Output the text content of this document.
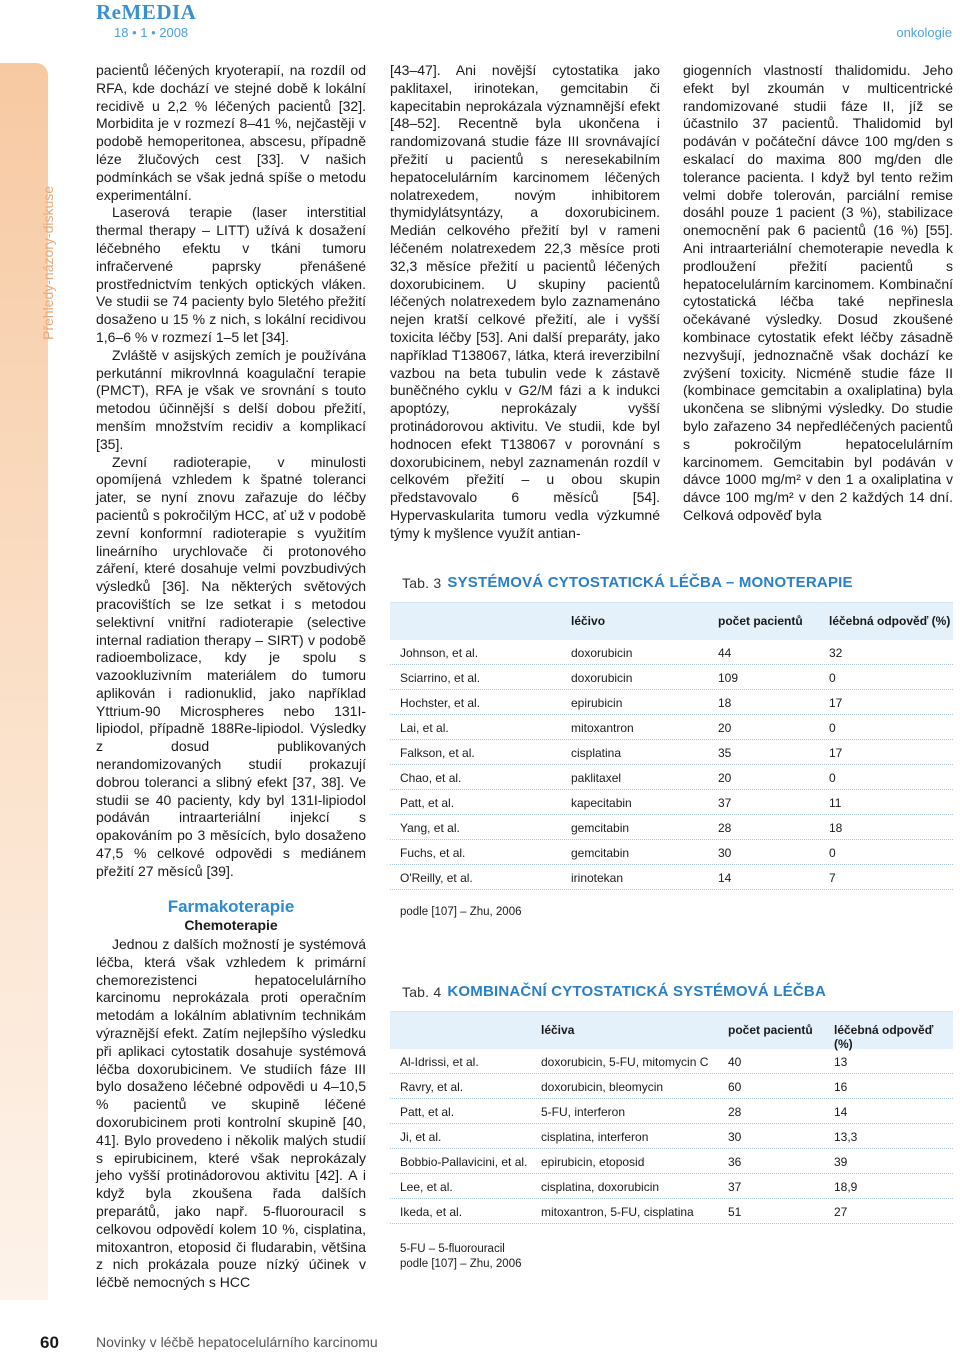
ReMEDIA
18 • 1 • 2008	onkologie
Přehledy-názory-diskuse

pacientů léčených kryoterapií, na rozdíl od RFA, kde dochází ve stejné době k lokální recidivě u 2,2 % léčených pacientů [32]. Morbidita je v rozmezí 8–41 %, nejčastěji v podobě hemoperitonea, abscesu, případně léze žlučových cest [33]. V našich podmínkách se však jedná spíše o metodu experimentální.

Laserová terapie (laser interstitial thermal therapy – LITT) užívá k dosažení léčebného efektu v tkáni tumoru infračervené paprsky přenášené prostřednictvím tenkých optických vláken. Ve studii se 74 pacienty bylo 5letého přežití dosaženo u 15 % z nich, s lokální recidivou 1,6–6 % v rozmezí 1–5 let [34].

Zvláště v asijských zemích je používána perkutánní mikrovlnná koagulační terapie (PMCT), RFA je však ve srovnání s touto metodou účinnější s delší dobou přežití, menším množstvím recidiv a komplikací [35].

Zevní radioterapie, v minulosti opomíjená vzhledem k špatné toleranci jater, se nyní znovu zařazuje do léčby pacientů s pokročilým HCC, ať už v podobě zevní konformní radioterapie s využitím lineárního urychlovače či protonového záření, které dosahuje velmi povzbudivých výsledků [36]. Na některých světových pracovištích se lze setkat i s metodou selektivní vnitřní radioterapie (selective internal radiation therapy – SIRT) v podobě radioembolizace, kdy je spolu s vazookluzivním materiálem do tumoru aplikován i radionuklid, jako například Yttrium-90 Microspheres nebo 131I-lipiodol, případně 188Re-lipiodol. Výsledky z dosud publikovaných nerandomizovaných studií prokazují dobrou toleranci a slibný efekt [37, 38]. Ve studii se 40 pacienty, kdy byl 131I-lipiodol podáván intraarteriální injekcí s opakováním po 3 měsících, bylo dosaženo 47,5 % celkové odpovědi s mediánem přežití 27 měsíců [39].

Farmakoterapie
Chemoterapie

Jednou z dalších možností je systémová léčba, která však vzhledem k primární chemorezistenci hepatocelulárního karcinomu neprokázala proti operačním metodám a lokálním ablativním technikám výraznější efekt. Zatím nejlepšího výsledku při aplikaci cytostatik dosahuje systémová léčba doxorubicinem. Ve studiích fáze III bylo dosaženo léčebné odpovědi u 4–10,5 % pacientů ve skupině léčené doxorubicinem proti kontrolní skupině [40, 41]. Bylo provedeno i několik malých studií s epirubicinem, které však neprokázaly jeho vyšší protinádorovou aktivitu [42]. A i když byla zkoušena řada dalších preparátů, jako např. 5-fluorouracil s celkovou odpovědí kolem 10 %, cisplatina, mitoxantron, etoposid či fludarabin, většina z nich prokázala pouze nízký účinek v léčbě nemocných s HCC

[43–47]. Ani novější cytostatika jako paklitaxel, irinotekan, gemcitabin či kapecitabin neprokázala významnější efekt [48–52]. Recentně byla ukončena i randomizovaná studie fáze III srovnávající přežití u pacientů s neresekabilním hepatocelulárním karcinomem léčených nolatrexedem, novým inhibitorem thymidylátsyntázy, a doxorubicinem. Medián celkového přežití byl v rameni léčeném nolatrexedem 22,3 měsíce proti 32,3 měsíce přežití u pacientů léčených doxorubicinem. U skupiny pacientů léčených nolatrexedem bylo zaznamenáno nejen kratší celkové přežití, ale i vyšší toxicita léčby [53]. Ani další preparáty, jako například T138067, látka, která ireverzibilní vazbou na beta tubulin vede k zástavě buněčného cyklu v G2/M fázi a k indukci apoptózy, neprokázaly vyšší protinádorovou aktivitu. Ve studii, kde byl hodnocen efekt T138067 v porovnání s doxorubicinem, nebyl zaznamenán rozdíl v celkovém přežití – u obou skupin představovalo 6 měsíců [54]. Hypervaskularita tumoru vedla výzkumné týmy k myšlence využít antian-

giogenních vlastností thalidomidu. Jeho efekt byl zkoumán v multicentrické randomizované studii fáze II, jíž se účastnilo 37 pacientů. Thalidomid byl podáván v počáteční dávce 100 mg/den s eskalací do maxima 800 mg/den dle tolerance pacienta. I když byl tento režim velmi dobře tolerován, parciální remise dosáhl pouze 1 pacient (3 %), stabilizace onemocnění pak 6 pacientů (16 %) [55]. Ani intraarteriální chemoterapie nevedla k prodloužení přežití pacientů s hepatocelulárním karcinomem. Kombinační cytostatická léčba také nepřinesla očekávané výsledky. Dosud zkoušené kombinace cytostatik efekt léčby zásadně nezvyšují, jednoznačně však dochází ke zvýšení toxicity. Nicméně studie fáze II (kombinace gemcitabin a oxaliplatina) byla ukončena se slibnými výsledky. Do studie bylo zařazeno 34 nepředléčených pacientů s pokročilým hepatocelulárním karcinomem. Gemcitabin byl podáván v dávce 1000 mg/m² v den 1 a oxaliplatina v dávce 100 mg/m² v den 2 každých 14 dní. Celková odpověď byla

Tab. 3 SYSTÉMOVÁ CYTOSTATICKÁ LÉČBA – MONOTERAPIE
léčivo	počet pacientů léčebná odpověď (%)
Johnson, et al.	doxorubicin	44	32
Sciarrino, et al.	doxorubicin	109	0
Hochster, et al.	epirubicin	18	17
Lai, et al.	mitoxantron	20	0
Falkson, et al.	cisplatina	35	17
Chao, et al.	paklitaxel	20	0
Patt, et al.	kapecitabin	37	11
Yang, et al.	gemcitabin	28	18
Fuchs, et al.	gemcitabin	30	0
O'Reilly, et al.	irinotekan	14	7
podle [107] – Zhu, 2006
Tab. 4 KOMBINAČNÍ CYTOSTATICKÁ SYSTÉMOVÁ LÉČBA
léčiva	počet pacientů léčebná odpověď (%)
Al-Idrissi, et al.	doxorubicin, 5-FU, mitomycin C 40	13
Ravry, et al.	doxorubicin, bleomycin	60	16
Patt, et al.	5-FU, interferon	28	14
Ji, et al.	cisplatina, interferon	30	13,3
Bobbio-Pallavicini, et al. epirubicin, etoposid	36	39
Lee, et al.	cisplatina, doxorubicin	37	18,9
Ikeda, et al.	mitoxantron, 5-FU, cisplatina	51	27
5-FU – 5-fluorouracil
podle [107] – Zhu, 2006
60	Novinky v léčbě hepatocelulárního karcinomu
